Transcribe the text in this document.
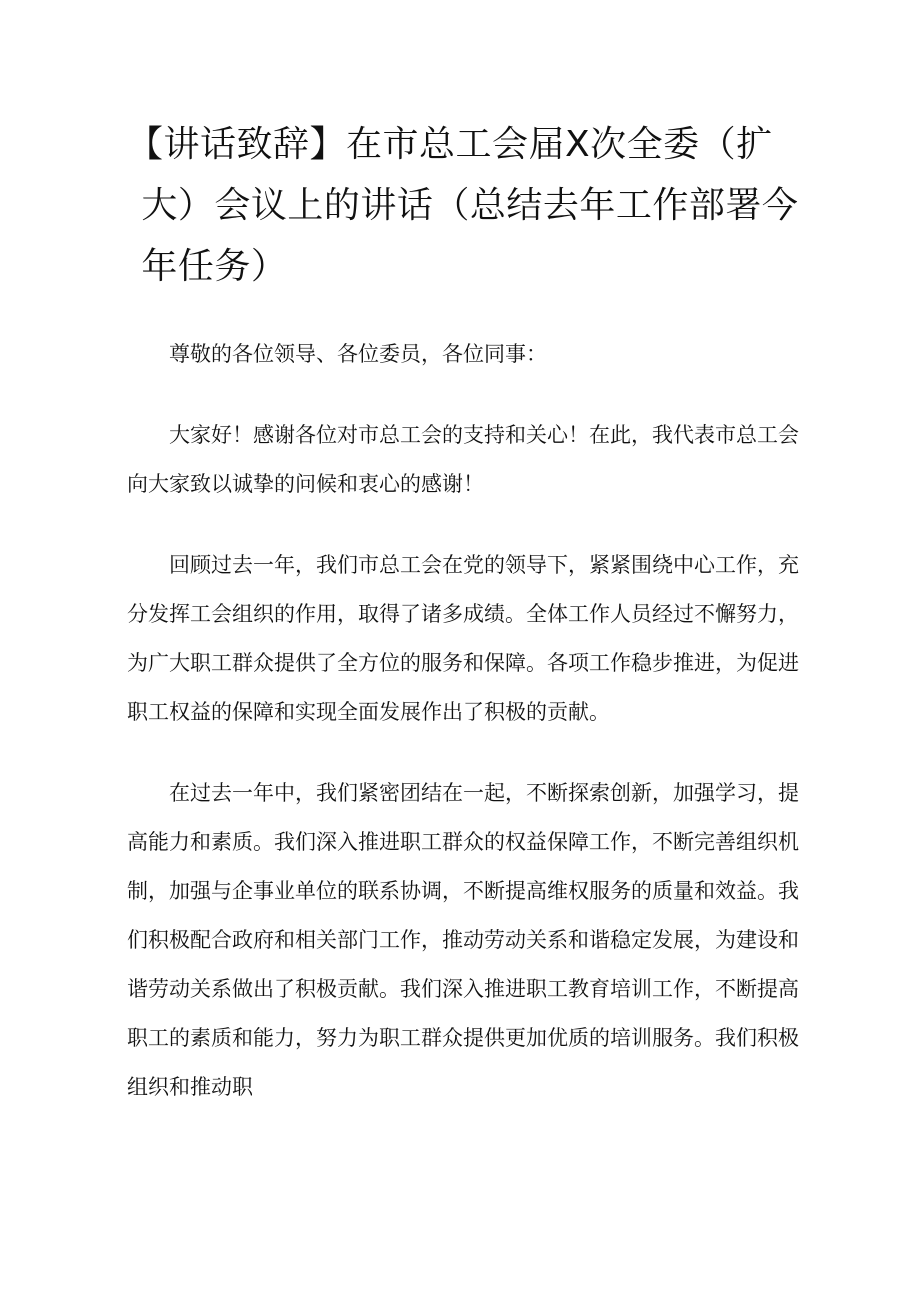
【讲话致辞】在市总工会届X次全委（扩大）会议上的讲话（总结去年工作部署今年任务）

尊敬的各位领导、各位委员，各位同事：

大家好！感谢各位对市总工会的支持和关心！在此，我代表市总工会向大家致以诚挚的问候和衷心的感谢！

回顾过去一年，我们市总工会在党的领导下，紧紧围绕中心工作，充分发挥工会组织的作用，取得了诸多成绩。全体工作人员经过不懈努力，为广大职工群众提供了全方位的服务和保障。各项工作稳步推进，为促进职工权益的保障和实现全面发展作出了积极的贡献。

在过去一年中，我们紧密团结在一起，不断探索创新，加强学习，提高能力和素质。我们深入推进职工群众的权益保障工作，不断完善组织机制，加强与企事业单位的联系协调，不断提高维权服务的质量和效益。我们积极配合政府和相关部门工作，推动劳动关系和谐稳定发展，为建设和谐劳动关系做出了积极贡献。我们深入推进职工教育培训工作，不断提高职工的素质和能力，努力为职工群众提供更加优质的培训服务。我们积极组织和推动职
